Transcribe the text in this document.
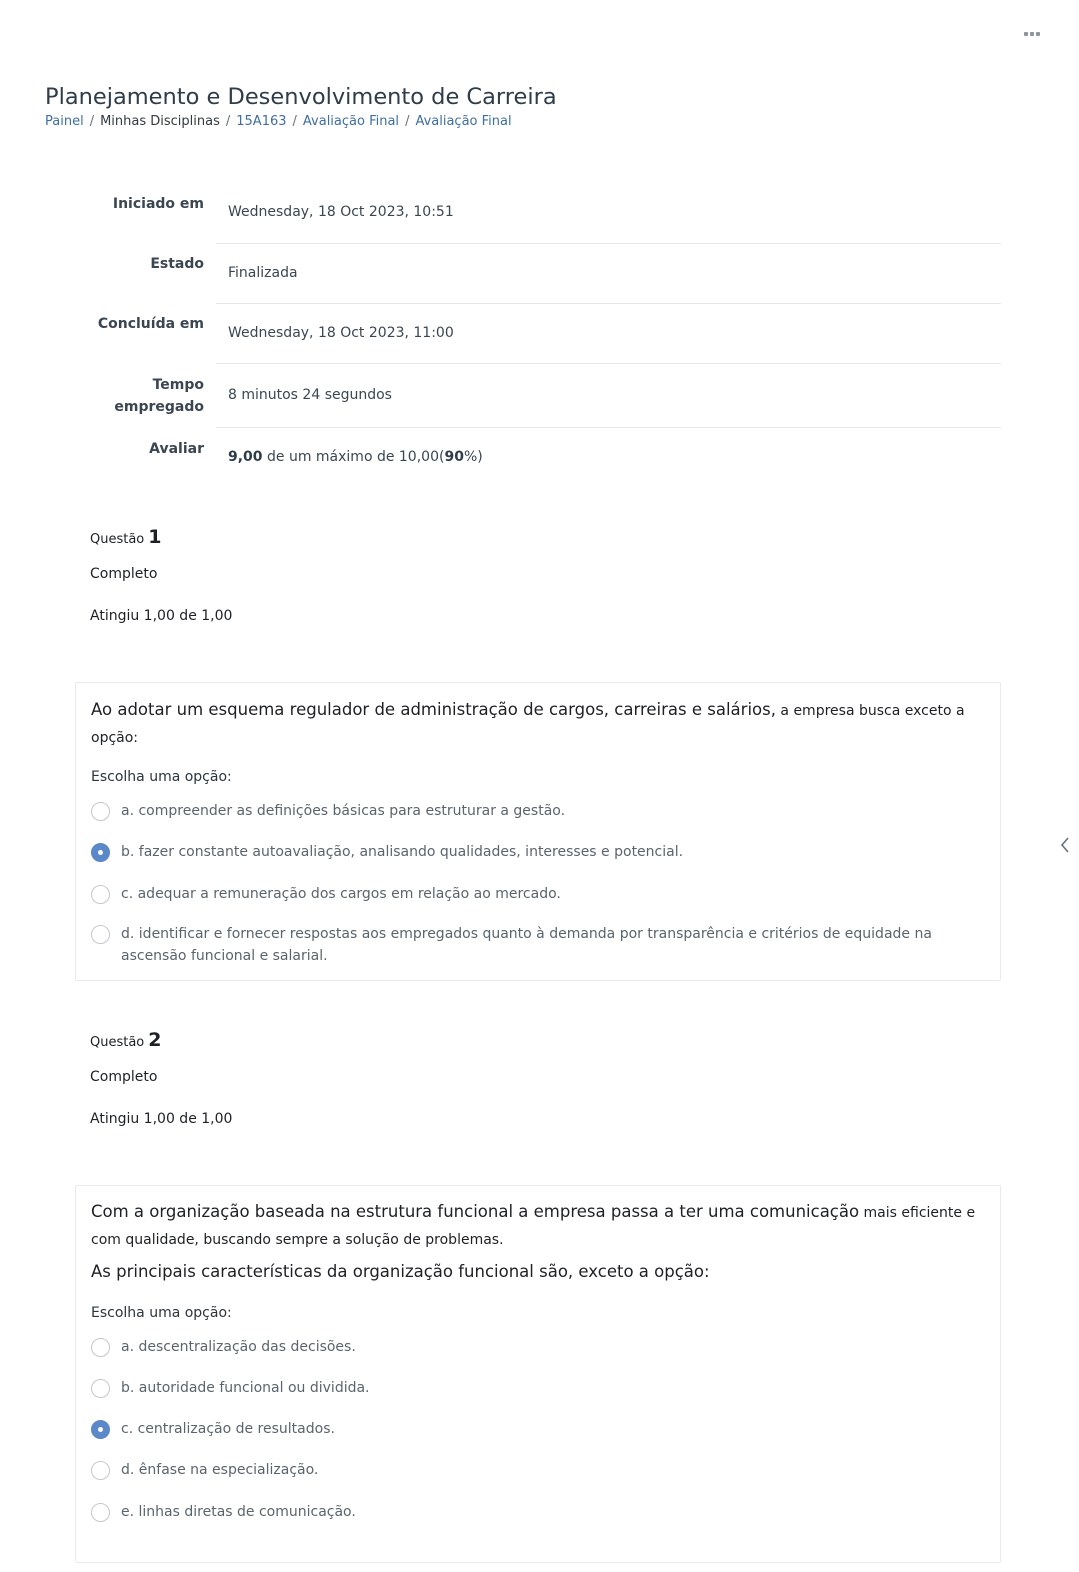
Planejamento e Desenvolvimento de Carreira
Painel / Minhas Disciplinas / 15A163 / Avaliação Final / Avaliação Final
Iniciado em	Wednesday, 18 Oct 2023, 10:51
Estado
Finalizada
Concluída em
Wednesday, 18 Oct 2023, 11:00
Tempo
empregado
8 minutos 24 segundos
Avaliar	9,00 de um máximo de 10,00(90%)
Questão 1
Completo
Atingiu 1,00 de 1,00
Ao adotar um esquema regulador de administração de cargos, carreiras e salários, a empresa busca exceto a opção:
Escolha uma opção:
a. compreender as definições básicas para estruturar a gestão.
b. fazer constante autoavaliação, analisando qualidades, interesses e potencial.
c. adequar a remuneração dos cargos em relação ao mercado.
d. identificar e fornecer respostas aos empregados quanto à demanda por transparência e critérios de equidade na ascensão funcional e salarial.
Questão 2
Completo
Atingiu 1,00 de 1,00
Com a organização baseada na estrutura funcional a empresa passa a ter uma comunicação mais eficiente e com qualidade, buscando sempre a solução de problemas.
As principais características da organização funcional são, exceto a opção:
Escolha uma opção:
a. descentralização das decisões.
b. autoridade funcional ou dividida.
c. centralização de resultados.
d. ênfase na especialização.
e. linhas diretas de comunicação.
